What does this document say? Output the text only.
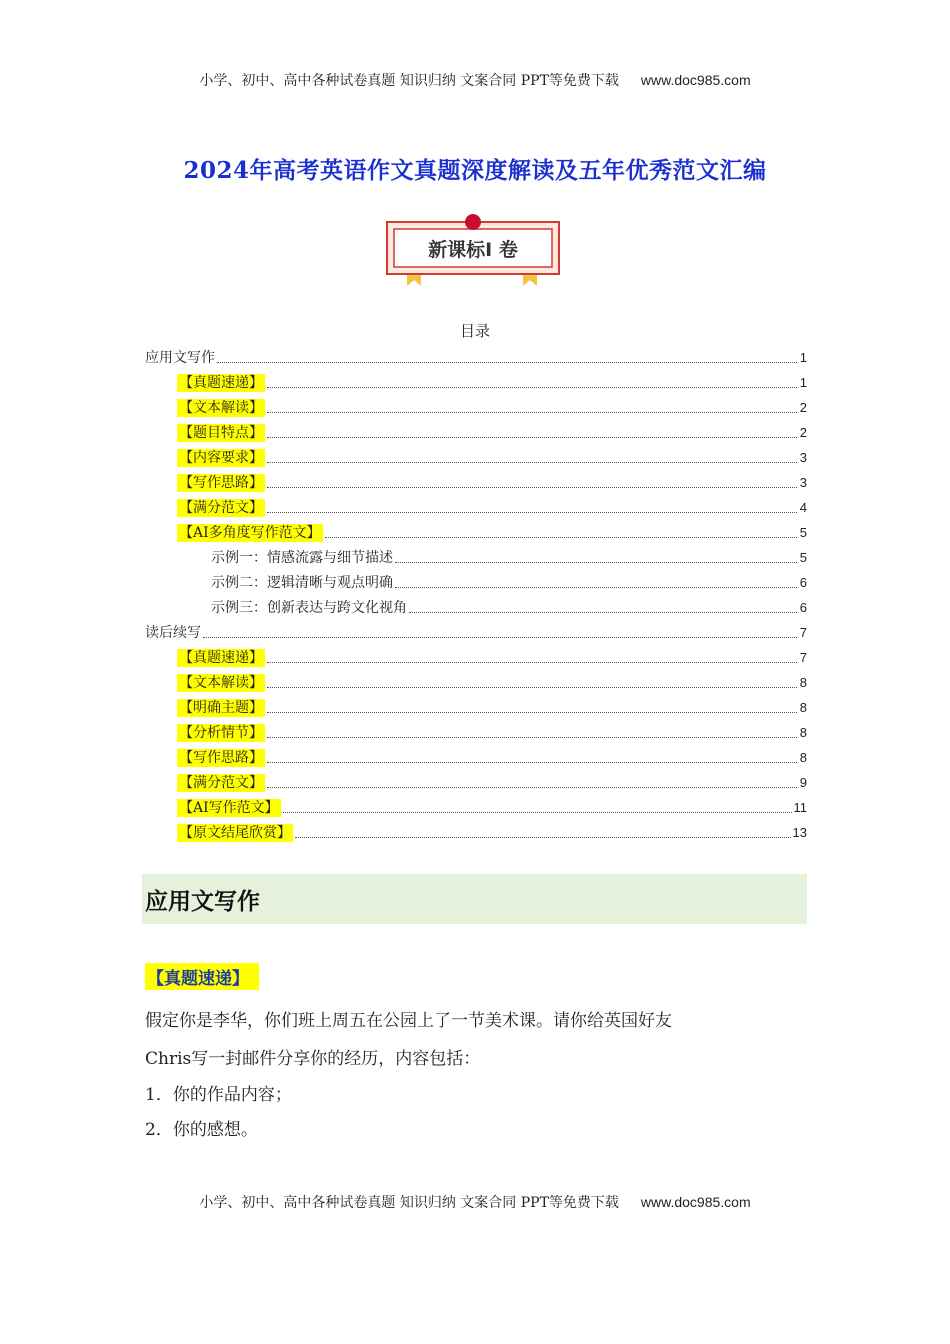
小学、初中、高中各种试卷真题 知识归纳 文案合同 PPT等免费下载 www.doc985.com
2024年高考英语作文真题深度解读及五年优秀范文汇编
新课标I 卷
目录
应用文写作	1
【真题速递】	1
【文本解读】	2
【题目特点】	2
【内容要求】	3
【写作思路】	3
【满分范文】	4
【AI多角度写作范文】	5
示例一：情感流露与细节描述	5
示例二：逻辑清晰与观点明确	6
示例三：创新表达与跨文化视角	6
读后续写	7
【真题速递】	7
【文本解读】	8
【明确主题】	8
【分析情节】	8
【写作思路】	8
【满分范文】	9
【AI写作范文】	11
【原文结尾欣赏】	13
应用文写作
【真题速递】
假定你是李华，你们班上周五在公园上了一节美术课。请你给英国好友
Chris写一封邮件分享你的经历，内容包括：
1．你的作品内容；
2．你的感想。
小学、初中、高中各种试卷真题 知识归纳 文案合同 PPT等免费下载 www.doc985.com
